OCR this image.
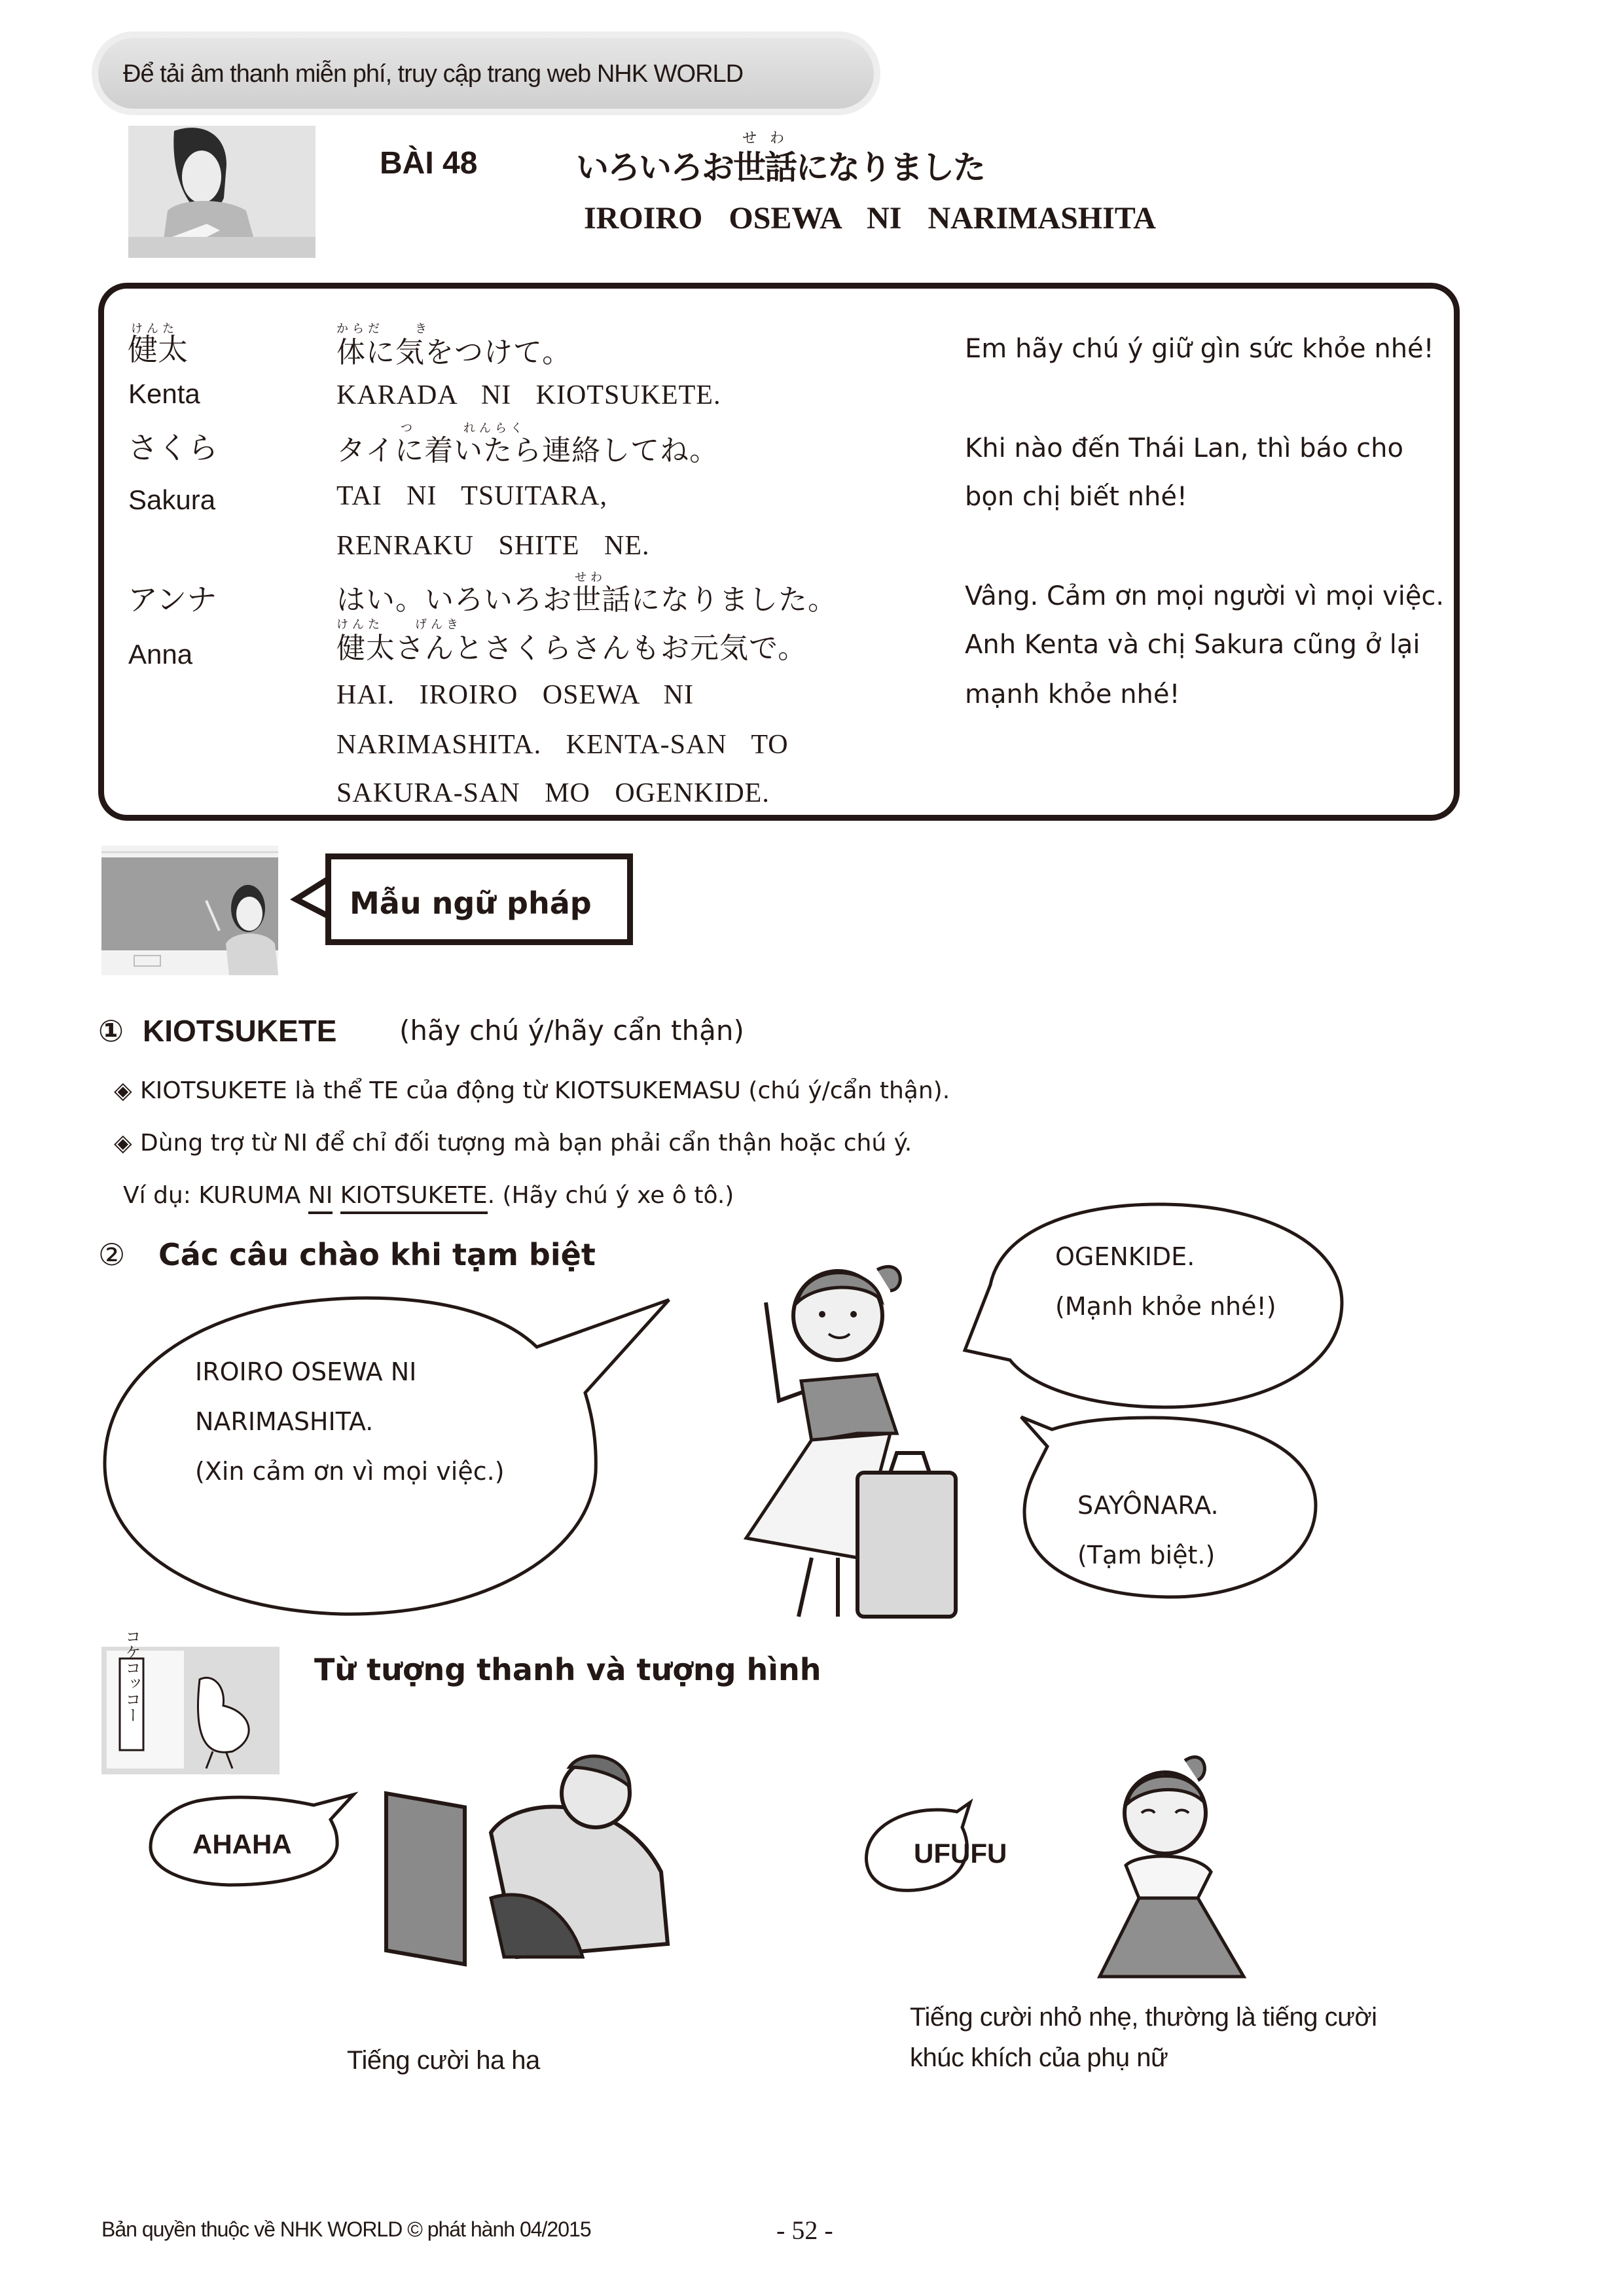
Để tải âm thanh miễn phí, truy cập trang web NHK WORLD
BÀI 48
せわ
いろいろお世話になりました
IROIRO OSEWA NI NARIMASHITA
けんた
健太
Kenta
からだ　　き
体に気をつけて。
KARADA NI KIOTSUKETE.
Em hãy chú ý giữ gìn sức khỏe nhé!
さくら
Sakura
つ　　　れんらく
タイに着いたら連絡してね。
TAI NI TSUITARA,
RENRAKU SHITE NE.
Khi nào đến Thái Lan, thì báo cho
bọn chị biết nhé!
アンナ
Anna
せわ
はい。いろいろお世話になりました。
けんた　　げんき
健太さんとさくらさんもお元気で。
HAI. IROIRO OSEWA NI
NARIMASHITA. KENTA-SAN TO
SAKURA-SAN MO OGENKIDE.
Vâng. Cảm ơn mọi người vì mọi việc.
Anh Kenta và chị Sakura cũng ở lại
mạnh khỏe nhé!
Mẫu ngữ pháp
① KIOTSUKETE (hãy chú ý/hãy cẩn thận)
◈ KIOTSUKETE là thể TE của động từ KIOTSUKEMASU (chú ý/cẩn thận).
◈ Dùng trợ từ NI để chỉ đối tượng mà bạn phải cẩn thận hoặc chú ý.
Ví dụ: KURUMA NI KIOTSUKETE. (Hãy chú ý xe ô tô.)
② Các câu chào khi tạm biệt
IROIRO OSEWA NI
NARIMASHITA.
(Xin cảm ơn vì mọi việc.)
OGENKIDE.
(Mạnh khỏe nhé!)
SAYÔNARA.
(Tạm biệt.)
コケコッコー	Từ tượng thanh và tượng hình
AHAHA
Tiếng cười ha ha
UFUFU
Tiếng cười nhỏ nhẹ, thường là tiếng cười
khúc khích của phụ nữ
Bản quyền thuộc về NHK WORLD © phát hành 04/2015	- 52 -
